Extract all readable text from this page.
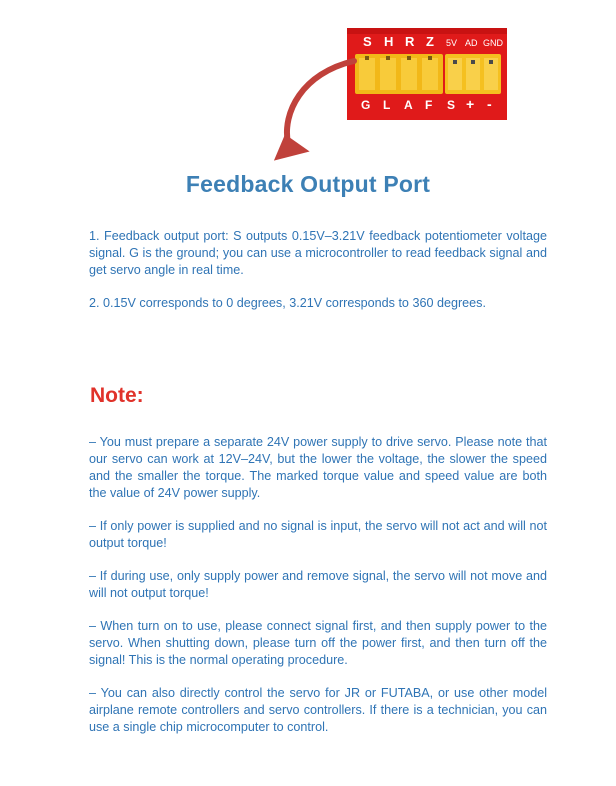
S H R Z 5V AD GND
G L A F S + -
Feedback Output Port

1. Feedback output port: S outputs 0.15V–3.21V feedback potentiometer voltage signal. G is the ground; you can use a microcontroller to read feedback signal and get servo angle in real time.

2. 0.15V corresponds to 0 degrees, 3.21V corresponds to 360 degrees.

Note:

– You must prepare a separate 24V power supply to drive servo. Please note that our servo can work at 12V–24V, but the lower the voltage, the slower the speed and the smaller the torque. The marked torque value and speed value are both the value of 24V power supply.

– If only power is supplied and no signal is input, the servo will not act and will not output torque!

– If during use, only supply power and remove signal, the servo will not move and will not output torque!

– When turn on to use, please connect signal first, and then supply power to the servo. When shutting down, please turn off the power first, and then turn off the signal! This is the normal operating procedure.

– You can also directly control the servo for JR or FUTABA, or use other model airplane remote controllers and servo controllers. If there is a technician, you can use a single chip microcomputer to control.
